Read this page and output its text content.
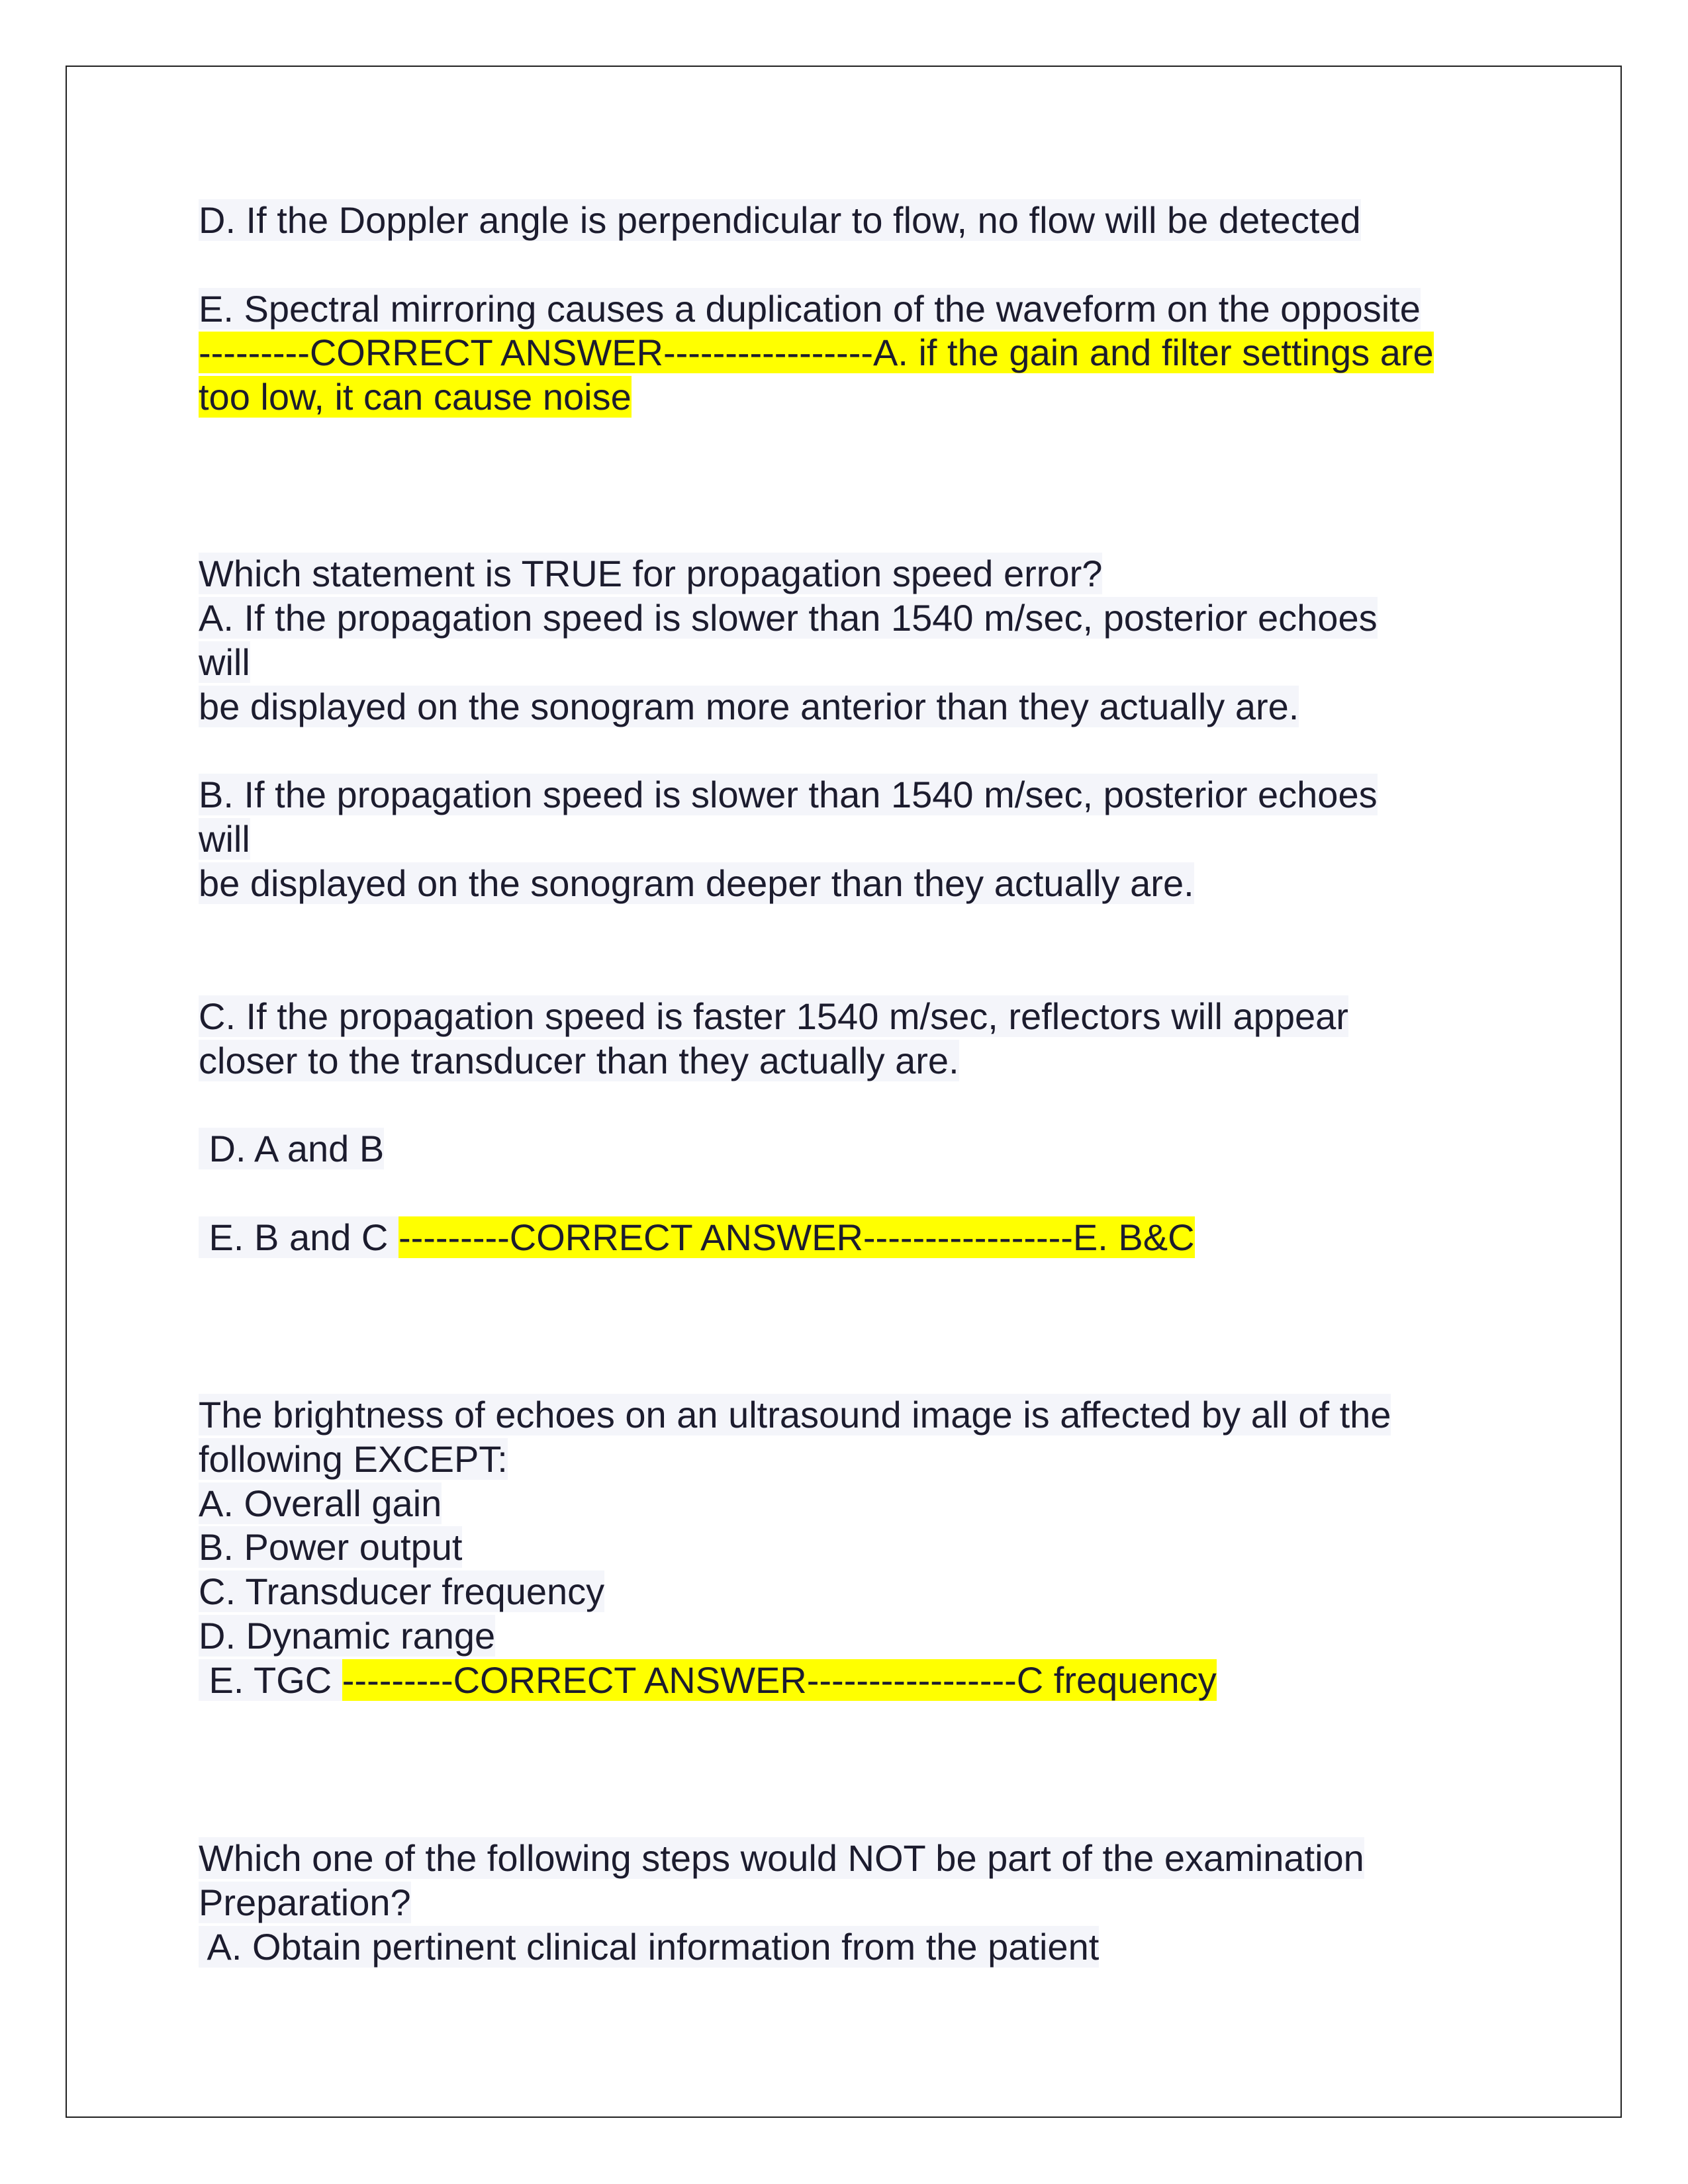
D. If the Doppler angle is perpendicular to flow, no flow will be detected
E. Spectral mirroring causes a duplication of the waveform on the opposite
---------CORRECT ANSWER-----------------A. if the gain and filter settings are
too low, it can cause noise
Which statement is TRUE for propagation speed error?
A. If the propagation speed is slower than 1540 m/sec, posterior echoes
will
be displayed on the sonogram more anterior than they actually are.
B. If the propagation speed is slower than 1540 m/sec, posterior echoes
will
be displayed on the sonogram deeper than they actually are.
C. If the propagation speed is faster 1540 m/sec, reflectors will appear
closer to the transducer than they actually are.
D. A and B
E. B and C ---------CORRECT ANSWER-----------------E. B&C
The brightness of echoes on an ultrasound image is affected by all of the
following EXCEPT:
A. Overall gain
B. Power output
C. Transducer frequency
D. Dynamic range
E. TGC ---------CORRECT ANSWER-----------------C frequency
Which one of the following steps would NOT be part of the examination
Preparation?
A. Obtain pertinent clinical information from the patient
